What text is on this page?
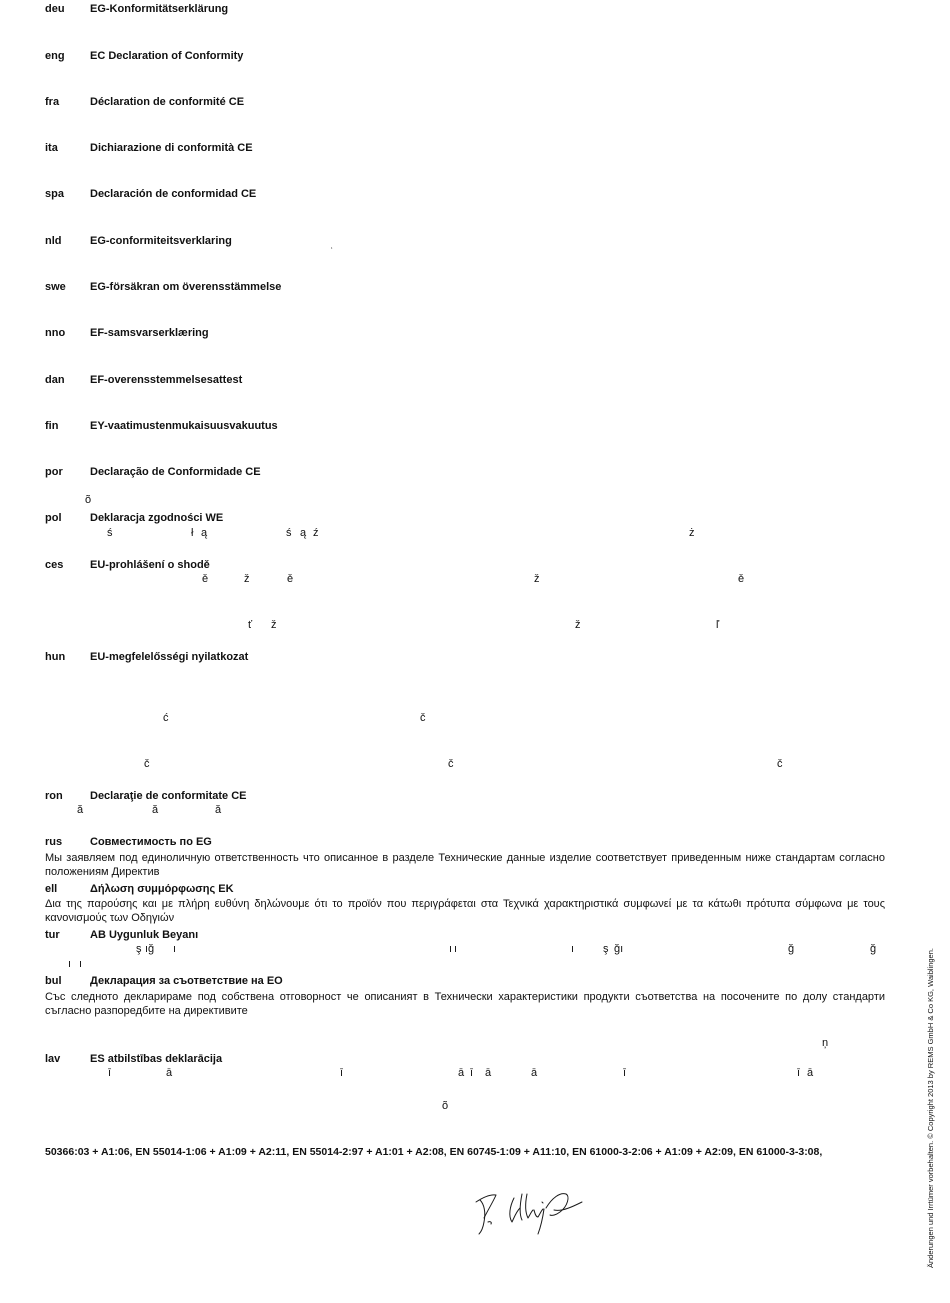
deu EG-Konformitätserklärung
eng EC Declaration of Conformity
fra	Déclaration de conformité CE
ita	Dichiarazione di conformità CE
spa Declaración de conformidad CE
nld	EG-conformiteitsverklaring
swe EG-försäkran om överensstämmelse
nno EF-samsvarserklæring
dan EF-overensstemmelsesattest
fin	EY-vaatimustenmukaisuusvakuutus
por Declaração de Conformidade CE
pol	Deklaracja zgodności WE
ces EU-prohlášení o shodě
hun EU-megfelelősségi nyilatkozat
ron Declaraţie de conformitate CE
rus	Совместимость по EG
Мы заявляем под единоличную ответственность что описанное в разделе Технические данные изделие соответствует приведенным ниже стандартам согласно положениям Директив
ell	Δήλωση συμμόρφωσης ΕΚ
Δια της παρούσης και με πλήρη ευθύνη δηλώνουμε ότι το προϊόν που περιγράφεται στα Τεχνικά χαρακτηριστικά συμφωνεί με τα κάτωθι πρότυπα σύμφωνα με τους κανονισμούς των Οδηγιών
tur	AB Uygunluk Beyanı
bul	Декларация за съответствие на ЕО
Със следното декларираме под собствена отговорност че описаният в Технически характеристики продукти съответства на посочените по долу стандарти съгласно разпоредбите на директивите
lav	ES atbilstības deklarācija
‘
õ
ś	ł ą	ś ą ź	ż
ě	ž	ě	ž	ě
ť ž	ž	ľ
ć	č
č	č	č
ă	ă	ă
ş ığ ı	ı ı	ı	ş ğı	ğ	ğ
ı ı
ņ
ī	ā	ī	ā ī ā	ā	ī	ī ā
õ
50366:03 + A1:06, EN 55014-1:06 + A1:09 + A2:11, EN 55014-2:97 + A1:01 + A2:08, EN 60745-1:09 + A11:10, EN 61000-3-2:06 + A1:09 + A2:09, EN 61000-3-3:08,	Änderungen und Irrtümer vorbehalten. © Copyright 2013 by REMS GmbH & Co KG, Waiblingen.
